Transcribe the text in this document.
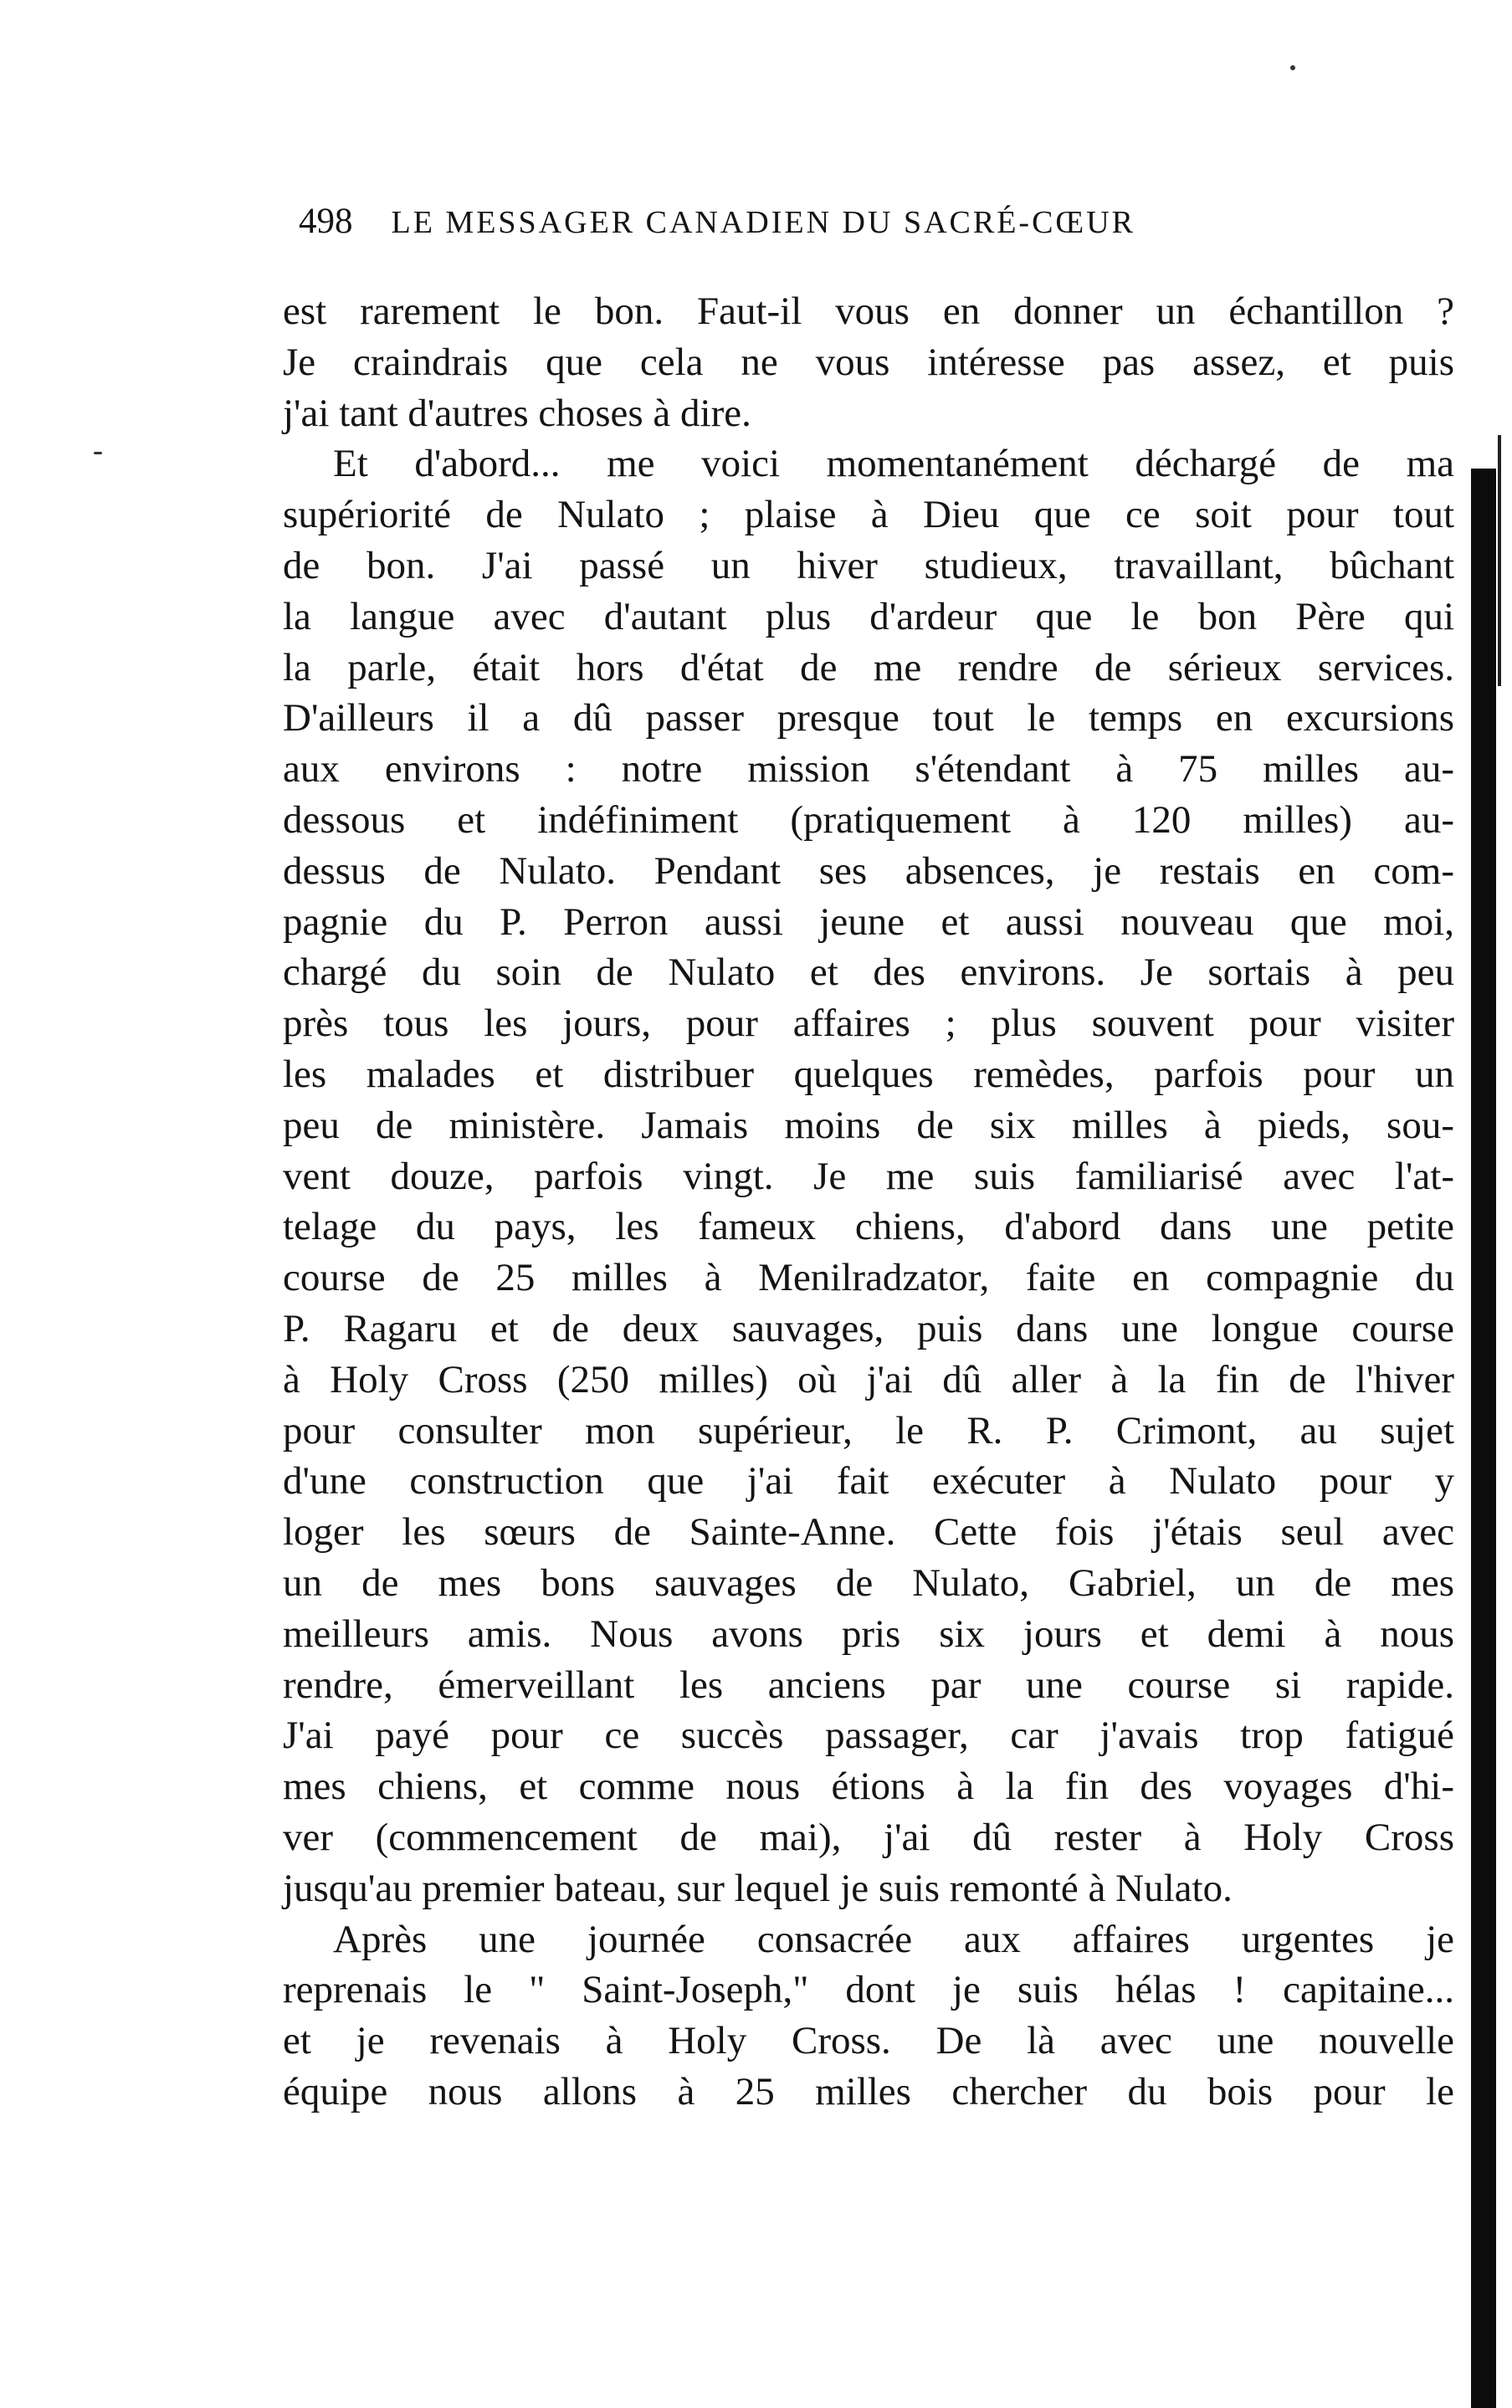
498 LE MESSAGER CANADIEN DU SACRÉ-CŒUR
est rarement le bon. Faut-il vous en donner un échantillon ?
Je craindrais que cela ne vous intéresse pas assez, et puis
j'ai tant d'autres choses à dire.
Et d'abord... me voici momentanément déchargé de ma
supériorité de Nulato ; plaise à Dieu que ce soit pour tout
de bon. J'ai passé un hiver studieux, travaillant, bûchant
la langue avec d'autant plus d'ardeur que le bon Père qui
la parle, était hors d'état de me rendre de sérieux services.
D'ailleurs il a dû passer presque tout le temps en excursions
aux environs : notre mission s'étendant à 75 milles au-
dessous et indéfiniment (pratiquement à 120 milles) au-
dessus de Nulato. Pendant ses absences, je restais en com-
pagnie du P. Perron aussi jeune et aussi nouveau que moi,
chargé du soin de Nulato et des environs. Je sortais à peu
près tous les jours, pour affaires ; plus souvent pour visiter
les malades et distribuer quelques remèdes, parfois pour un
peu de ministère. Jamais moins de six milles à pieds, sou-
vent douze, parfois vingt. Je me suis familiarisé avec l'at-
telage du pays, les fameux chiens, d'abord dans une petite
course de 25 milles à Menilradzator, faite en compagnie du
P. Ragaru et de deux sauvages, puis dans une longue course
à Holy Cross (250 milles) où j'ai dû aller à la fin de l'hiver
pour consulter mon supérieur, le R. P. Crimont, au sujet
d'une construction que j'ai fait exécuter à Nulato pour y
loger les sœurs de Sainte-Anne. Cette fois j'étais seul avec
un de mes bons sauvages de Nulato, Gabriel, un de mes
meilleurs amis. Nous avons pris six jours et demi à nous
rendre, émerveillant les anciens par une course si rapide.
J'ai payé pour ce succès passager, car j'avais trop fatigué
mes chiens, et comme nous étions à la fin des voyages d'hi-
ver (commencement de mai), j'ai dû rester à Holy Cross
jusqu'au premier bateau, sur lequel je suis remonté à Nulato.
Après une journée consacrée aux affaires urgentes je
reprenais le " Saint-Joseph," dont je suis hélas ! capitaine...
et je revenais à Holy Cross. De là avec une nouvelle
équipe nous allons à 25 milles chercher du bois pour le
